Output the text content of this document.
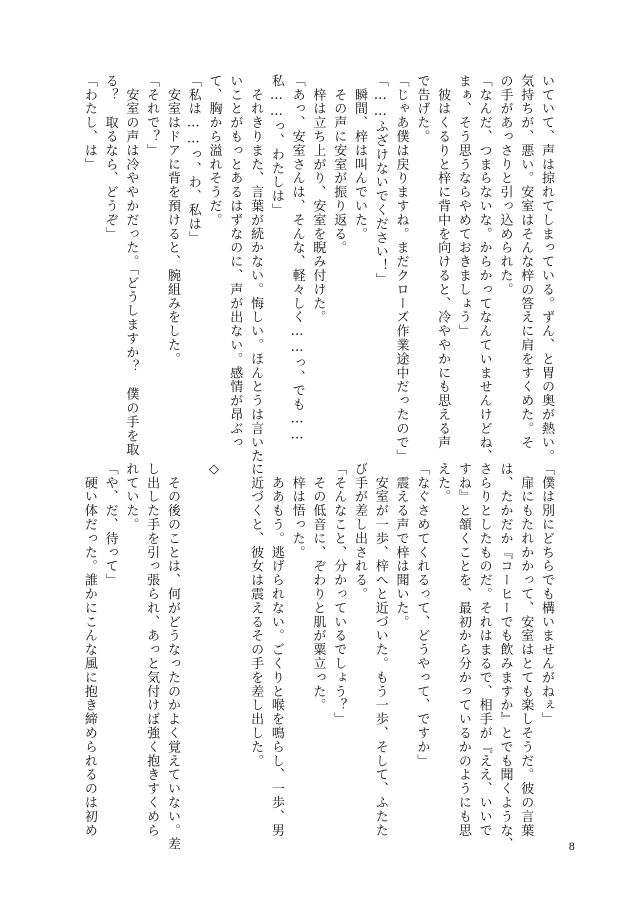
いていて、声は掠れてしまっている。ずん、と胃の奥が熱い。
気持ちが、悪い。安室はそんな梓の答えに肩をすくめた。そ
の手があっさりと引っ込められた。
「なんだ、つまらないな。からかってなんていませんけどね、
まぁ、そう思うならやめておきましょう」
　彼はくるりと梓に背中を向けると、冷ややかにも思える声
で告げた。
「じゃあ僕は戻りますね。まだクローズ作業途中だったので」
「……ふざけないでください！」
　瞬間、梓は叫んでいた。
　その声に安室が振り返る。
　梓は立ち上がり、安室を睨み付けた。
「あっ、安室さんは、そんな、軽々しく……っ、でも……
私……っ、わたしは」
　それきりまた、言葉が続かない。悔しい。ほんとうは言いた
いことがもっとあるはずなのに、声が出ない。感情が昂ぶっ
て、胸から溢れそうだ。
「私は……っ、わ、私は」
　安室はドアに背を預けると、腕組みをした。
「それで？」
　安室の声は冷ややかだった。「どうしますか？　僕の手を取
る？　取るなら、どうぞ」
「わたし、は」
「僕は別にどちらでも構いませんがねぇ」
　扉にもたれかかって、安室はとても楽しそうだ。彼の言葉
は、たかだか『コーヒーでも飲みますか』とでも聞くような、
さらりとしたものだ。それはまるで、相手が『ええ、いいで
すね』と頷くことを、最初から分かっているかのようにも思
えた。
「なぐさめてくれるって、どうやって、ですか」
　震える声で梓は聞いた。
　安室が一歩、梓へと近づいた。もう一歩、そして、ふたた
び手が差し出される。
「そんなこと、分かっているでしょう？」
　その低音に、ぞわりと肌が粟立った。
　梓は悟った。
　ああもう。逃げられない。ごくりと喉を鳴らし、一歩、男
に近づくと、彼女は震えるその手を差し出した。
◇
　その後のことは、何がどうなったのかよく覚えていない。差
し出した手を引っ張られ、あっと気付けば強く抱きすくめら
れていた。
「や、だ、待って」
　硬い体だった。誰かにこんな風に抱き締められるのは初め
8
